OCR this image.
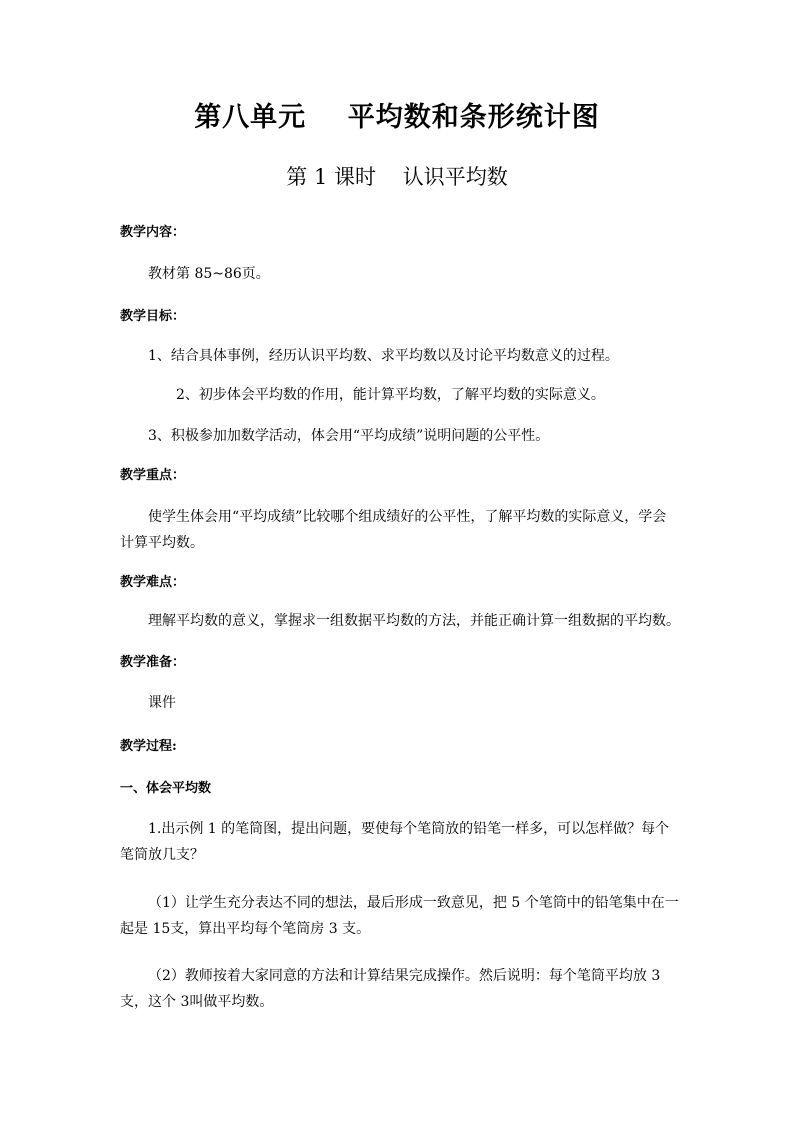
第八单元    平均数和条形统计图
第 1 课时    认识平均数
教学内容：
教材第 85~86页。
教学目标：
1、结合具体事例，经历认识平均数、求平均数以及讨论平均数意义的过程。
2、初步体会平均数的作用，能计算平均数，了解平均数的实际意义。
3、积极参加加数学活动，体会用“平均成绩”说明问题的公平性。
教学重点：
使学生体会用“平均成绩”比较哪个组成绩好的公平性，了解平均数的实际意义，学会计算平均数。
教学难点：
理解平均数的意义，掌握求一组数据平均数的方法，并能正确计算一组数据的平均数。
教学准备：
课件
教学过程:
一、体会平均数
1.出示例 1 的笔筒图，提出问题，要使每个笔筒放的铅笔一样多，可以怎样做？每个笔筒放几支？
（1）让学生充分表达不同的想法，最后形成一致意见，把 5 个笔筒中的铅笔集中在一起是 15支，算出平均每个笔筒房 3 支。
（2）教师按着大家同意的方法和计算结果完成操作。然后说明：每个笔筒平均放 3 支，这个 3叫做平均数。
